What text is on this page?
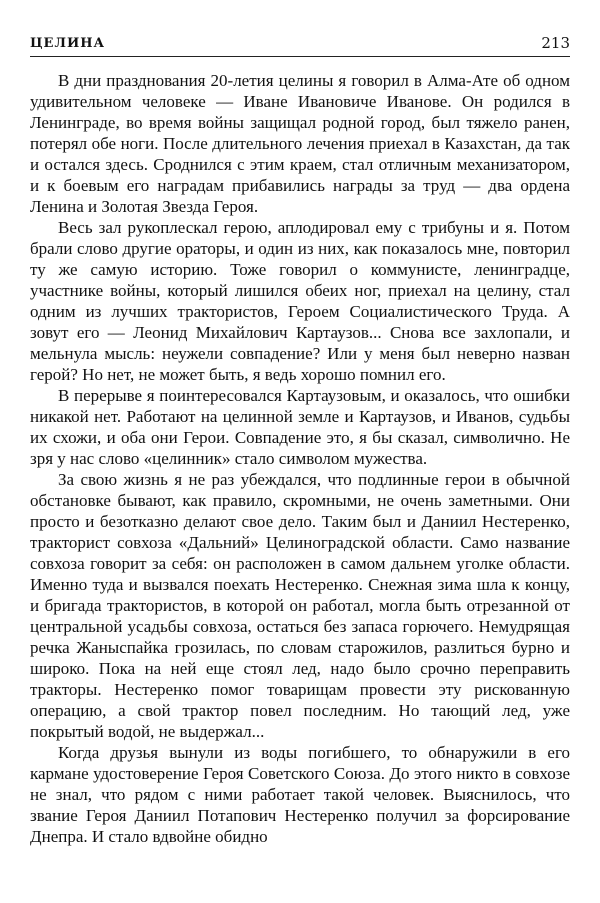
ЦЕЛИНА	213

В дни празднования 20-летия целины я говорил в Алма-Ате об одном удивительном человеке — Иване Ивановиче Иванове. Он родился в Ленинграде, во время войны защищал родной город, был тяжело ранен, потерял обе ноги. После длительного лечения приехал в Казахстан, да так и остался здесь. Сроднился с этим краем, стал отличным механизатором, и к боевым его наградам прибавились награды за труд — два ордена Ленина и Золотая Звезда Героя.

Весь зал рукоплескал герою, аплодировал ему с трибуны и я. Потом брали слово другие ораторы, и один из них, как показалось мне, повторил ту же самую историю. Тоже говорил о коммунисте, ленинградце, участнике войны, который лишился обеих ног, приехал на целину, стал одним из лучших трактористов, Героем Социалистического Труда. А зовут его — Леонид Михайлович Картаузов... Снова все захлопали, и мельнула мысль: неужели совпадение? Или у меня был неверно назван герой? Но нет, не может быть, я ведь хорошо помнил его.

В перерыве я поинтересовался Картаузовым, и оказалось, что ошибки никакой нет. Работают на целинной земле и Картаузов, и Иванов, судьбы их схожи, и оба они Герои. Совпадение это, я бы сказал, символично. Не зря у нас слово «целинник» стало символом мужества.

За свою жизнь я не раз убеждался, что подлинные герои в обычной обстановке бывают, как правило, скромными, не очень заметными. Они просто и безотказно делают свое дело. Таким был и Даниил Нестеренко, тракторист совхоза «Дальний» Целиноградской области. Само название совхоза говорит за себя: он расположен в самом дальнем уголке области. Именно туда и вызвался поехать Нестеренко. Снежная зима шла к концу, и бригада трактористов, в которой он работал, могла быть отрезанной от центральной усадьбы совхоза, остаться без запаса горючего. Немудрящая речка Жаныспайка грозилась, по словам старожилов, разлиться бурно и широко. Пока на ней еще стоял лед, надо было срочно переправить тракторы. Нестеренко помог товарищам провести эту рискованную операцию, а свой трактор повел последним. Но тающий лед, уже покрытый водой, не выдержал...

Когда друзья вынули из воды погибшего, то обнаружили в его кармане удостоверение Героя Советского Союза. До этого никто в совхозе не знал, что рядом с ними работает такой человек. Выяснилось, что звание Героя Даниил Потапович Нестеренко получил за форсирование Днепра. И стало вдвойне обидно
